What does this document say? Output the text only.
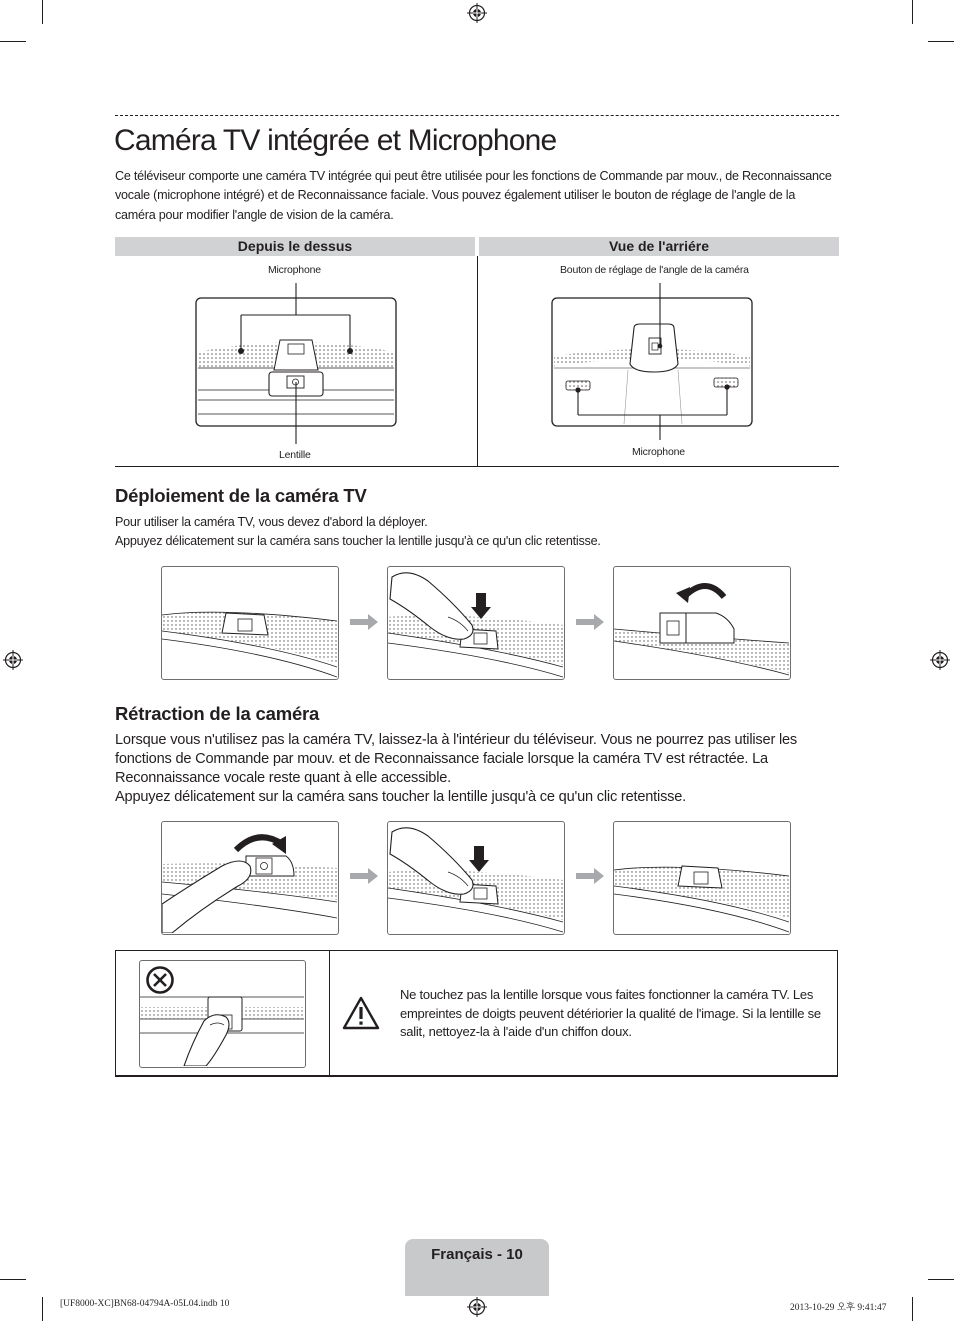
Caméra TV intégrée et Microphone

Ce téléviseur comporte une caméra TV intégrée qui peut être utilisée pour les fonctions de Commande par mouv., de Reconnaissance vocale (microphone intégré) et de Reconnaissance faciale. Vous pouvez également utiliser le bouton de réglage de l'angle de la caméra pour modifier l'angle de vision de la caméra.

Depuis le dessus	Vue de l'arriére
Microphone
Lentille
Bouton de réglage de l'angle de la caméra
Microphone
Déploiement de la caméra TV

Pour utiliser la caméra TV, vous devez d'abord la déployer.

Appuyez délicatement sur la caméra sans toucher la lentille jusqu'à ce qu'un clic retentisse.

Rétraction de la caméra

Lorsque vous n'utilisez pas la caméra TV, laissez-la à l'intérieur du téléviseur. Vous ne pourrez pas utiliser les fonctions de Commande par mouv. et de Reconnaissance faciale lorsque la caméra TV est rétractée. La Reconnaissance vocale reste quant à elle accessible.

Appuyez délicatement sur la caméra sans toucher la lentille jusqu'à ce qu'un clic retentisse.

Ne touchez pas la lentille lorsque vous faites fonctionner la caméra TV. Les empreintes de doigts peuvent détériorier la qualité de l'image. Si la lentille se salit, nettoyez-la à l'aide d'un chiffon doux.

Français - 10
[UF8000-XC]BN68-04794A-05L04.indb 10	2013-10-29 오후 9:41:47
